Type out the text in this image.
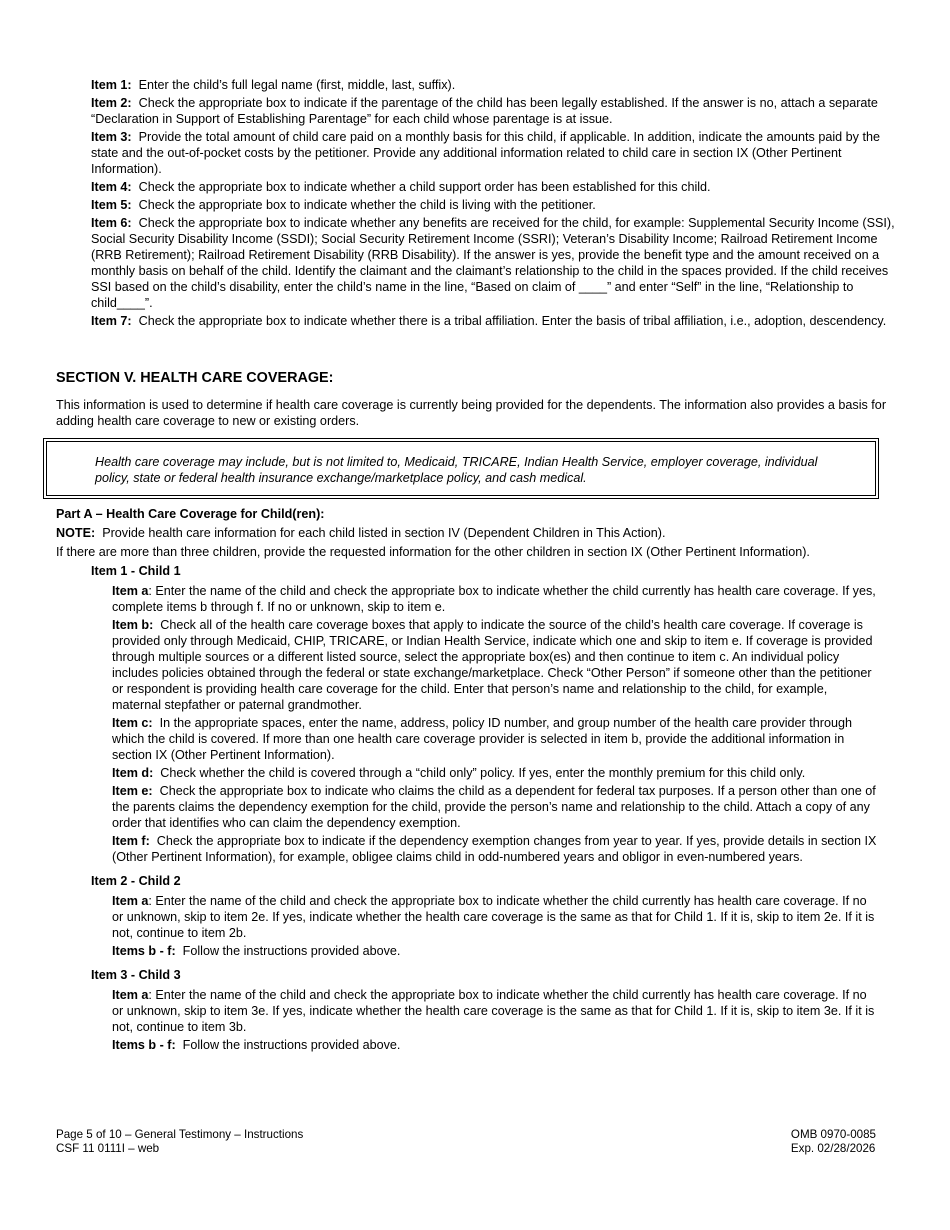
Item 1: Enter the child’s full legal name (first, middle, last, suffix).

Item 2: Check the appropriate box to indicate if the parentage of the child has been legally established. If the answer is no, attach a separate “Declaration in Support of Establishing Parentage” for each child whose parentage is at issue.

Item 3: Provide the total amount of child care paid on a monthly basis for this child, if applicable. In addition, indicate the amounts paid by the state and the out-of-pocket costs by the petitioner. Provide any additional information related to child care in section IX (Other Pertinent Information).

Item 4: Check the appropriate box to indicate whether a child support order has been established for this child.

Item 5: Check the appropriate box to indicate whether the child is living with the petitioner.

Item 6: Check the appropriate box to indicate whether any benefits are received for the child, for example: Supplemental Security Income (SSI), Social Security Disability Income (SSDI); Social Security Retirement Income (SSRI); Veteran’s Disability Income; Railroad Retirement Income (RRB Retirement); Railroad Retirement Disability (RRB Disability). If the answer is yes, provide the benefit type and the amount received on a monthly basis on behalf of the child. Identify the claimant and the claimant’s relationship to the child in the spaces provided. If the child receives SSI based on the child’s disability, enter the child’s name in the line, “Based on claim of ____” and enter “Self” in the line, “Relationship to child____”.

Item 7: Check the appropriate box to indicate whether there is a tribal affiliation. Enter the basis of tribal affiliation, i.e., adoption, descendency.

SECTION V. HEALTH CARE COVERAGE:

This information is used to determine if health care coverage is currently being provided for the dependents. The information also provides a basis for adding health care coverage to new or existing orders.

Health care coverage may include, but is not limited to, Medicaid, TRICARE, Indian Health Service, employer coverage, individual policy, state or federal health insurance exchange/marketplace policy, and cash medical.

Part A – Health Care Coverage for Child(ren):

NOTE: Provide health care information for each child listed in section IV (Dependent Children in This Action).

If there are more than three children, provide the requested information for the other children in section IX (Other Pertinent Information).

Item 1 - Child 1

Item a: Enter the name of the child and check the appropriate box to indicate whether the child currently has health care coverage. If yes, complete items b through f. If no or unknown, skip to item e.

Item b: Check all of the health care coverage boxes that apply to indicate the source of the child’s health care coverage. If coverage is provided only through Medicaid, CHIP, TRICARE, or Indian Health Service, indicate which one and skip to item e. If coverage is provided through multiple sources or a different listed source, select the appropriate box(es) and then continue to item c. An individual policy includes policies obtained through the federal or state exchange/marketplace. Check “Other Person” if someone other than the petitioner or respondent is providing health care coverage for the child. Enter that person’s name and relationship to the child, for example, maternal stepfather or paternal grandmother.

Item c: In the appropriate spaces, enter the name, address, policy ID number, and group number of the health care provider through which the child is covered. If more than one health care coverage provider is selected in item b, provide the additional information in section IX (Other Pertinent Information).

Item d: Check whether the child is covered through a “child only” policy. If yes, enter the monthly premium for this child only.

Item e: Check the appropriate box to indicate who claims the child as a dependent for federal tax purposes. If a person other than one of the parents claims the dependency exemption for the child, provide the person’s name and relationship to the child. Attach a copy of any order that identifies who can claim the dependency exemption.

Item f: Check the appropriate box to indicate if the dependency exemption changes from year to year. If yes, provide details in section IX (Other Pertinent Information), for example, obligee claims child in odd-numbered years and obligor in even-numbered years.

Item 2 - Child 2

Item a: Enter the name of the child and check the appropriate box to indicate whether the child currently has health care coverage. If no or unknown, skip to item 2e. If yes, indicate whether the health care coverage is the same as that for Child 1. If it is, skip to item 2e. If it is not, continue to item 2b.

Items b - f: Follow the instructions provided above.

Item 3 - Child 3

Item a: Enter the name of the child and check the appropriate box to indicate whether the child currently has health care coverage. If no or unknown, skip to item 3e. If yes, indicate whether the health care coverage is the same as that for Child 1. If it is, skip to item 3e. If it is not, continue to item 3b.

Items b - f: Follow the instructions provided above.

Page 5 of 10 – General Testimony – Instructions
CSF 11 0111I – web
OMB 0970-0085
Exp. 02/28/2026
